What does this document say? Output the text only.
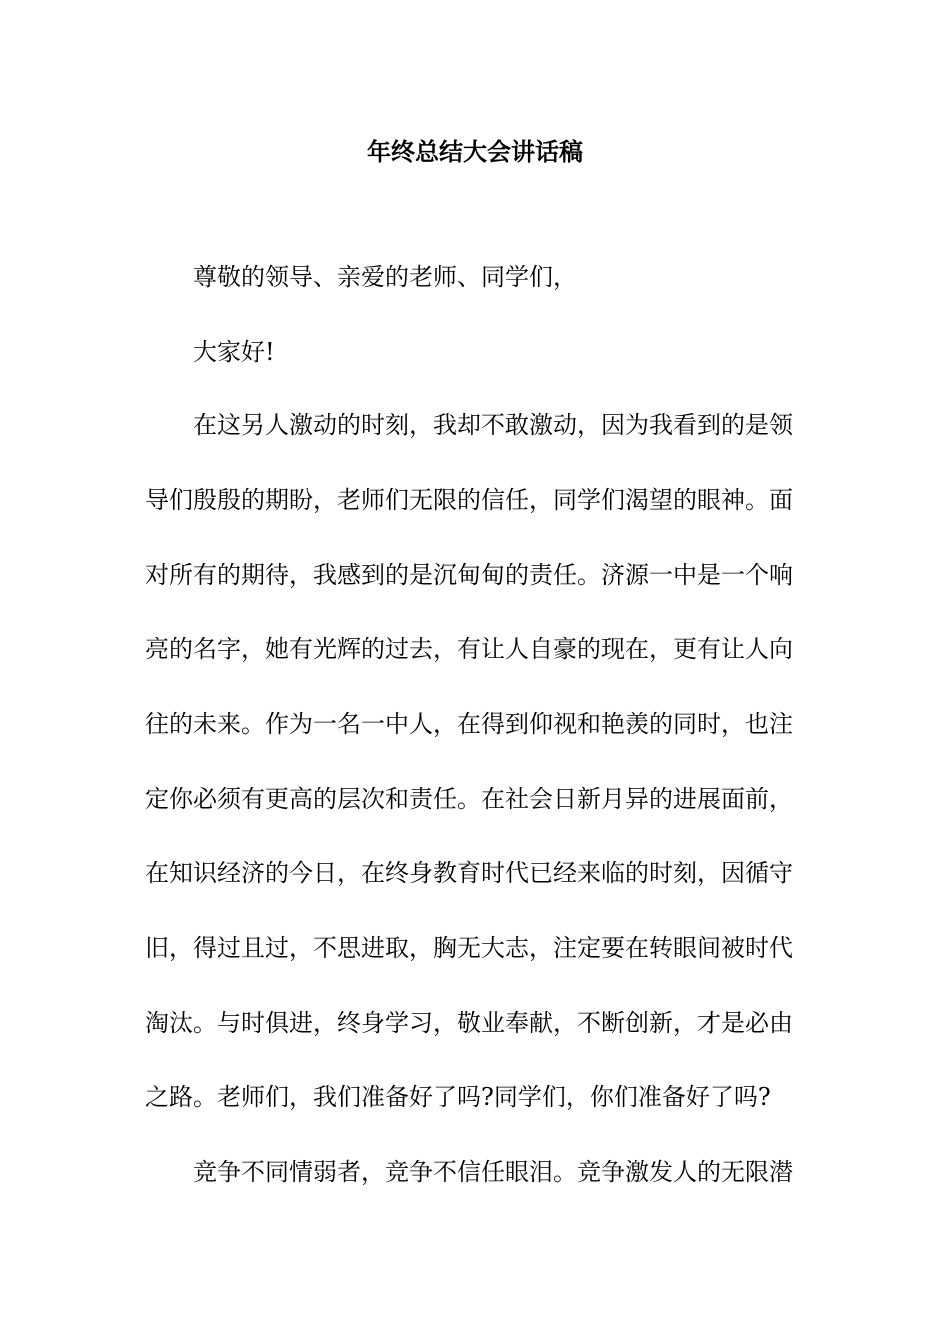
年终总结大会讲话稿
尊敬的领导、亲爱的老师、同学们，
大家好!
在这另人激动的时刻，我却不敢激动，因为我看到的是领
导们殷殷的期盼，老师们无限的信任，同学们渴望的眼神。面
对所有的期待，我感到的是沉甸甸的责任。济源一中是一个响
亮的名字，她有光辉的过去，有让人自豪的现在，更有让人向
往的未来。作为一名一中人，在得到仰视和艳羡的同时，也注
定你必须有更高的层次和责任。在社会日新月异的进展面前，
在知识经济的今日，在终身教育时代已经来临的时刻，因循守
旧，得过且过，不思进取，胸无大志，注定要在转眼间被时代
淘汰。与时俱进，终身学习，敬业奉献，不断创新，才是必由
之路。老师们，我们准备好了吗?同学们，你们准备好了吗?
竞争不同情弱者，竞争不信任眼泪。竞争激发人的无限潜
